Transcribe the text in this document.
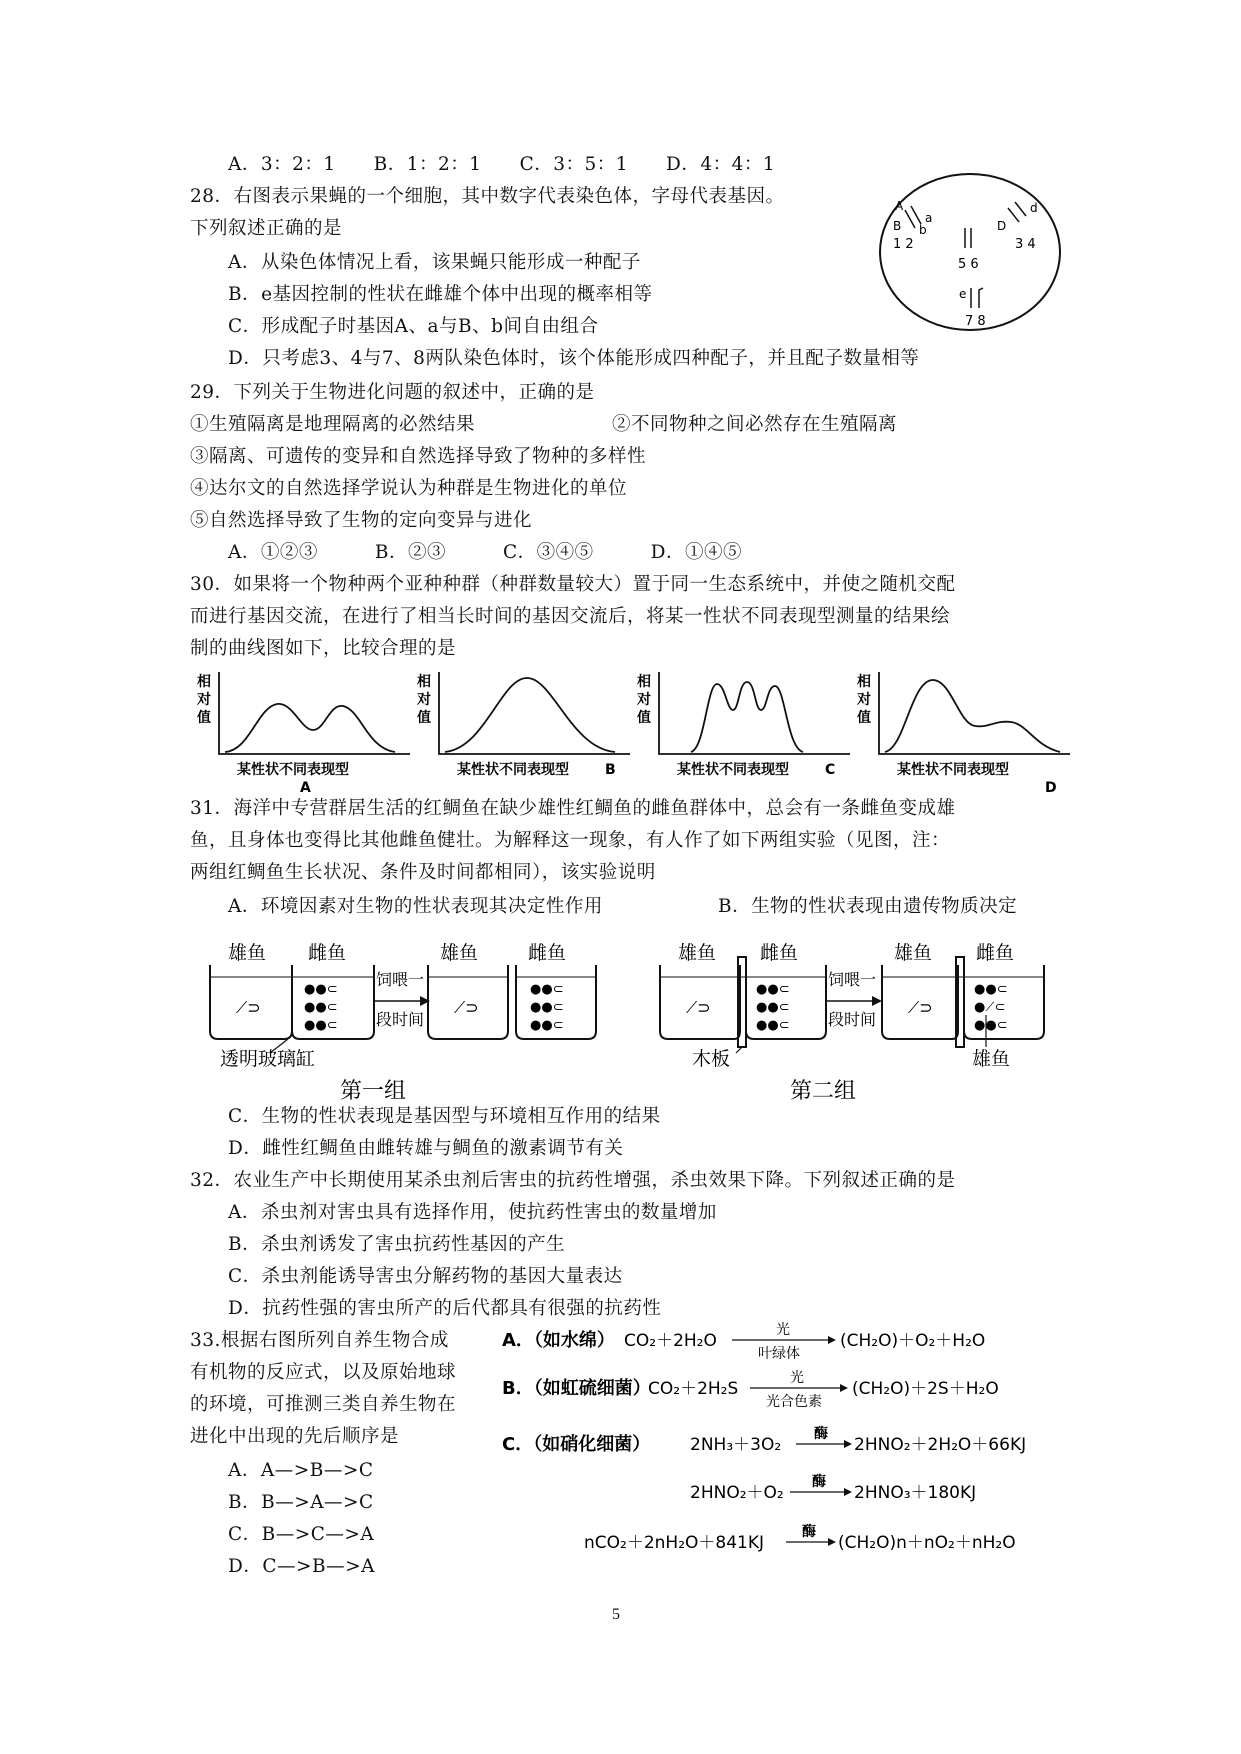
A．3：2：1　　B．1：2：1　　C．3：5：1　　D．4：4：1
28．右图表示果蝇的一个细胞，其中数字代表染色体，字母代表基因。
下列叙述正确的是
A．从染色体情况上看，该果蝇只能形成一种配子
B．e基因控制的性状在雌雄个体中出现的概率相等
C．形成配子时基因A、a与B、b间自由组合
D．只考虑3、4与7、8两队染色体时，该个体能形成四种配子，并且配子数量相等
A
B
a
b
1 2
D
d
3 4
5 6
e
7 8
29．下列关于生物进化问题的叙述中，正确的是
①生殖隔离是地理隔离的必然结果	②不同物种之间必然存在生殖隔离
③隔离、可遗传的变异和自然选择导致了物种的多样性
④达尔文的自然选择学说认为种群是生物进化的单位
⑤自然选择导致了生物的定向变异与进化
A．①②③　　　B．②③　　　C．③④⑤　　　D．①④⑤
30．如果将一个物种两个亚种种群（种群数量较大）置于同一生态系统中，并使之随机交配
而进行基因交流，在进行了相当长时间的基因交流后，将某一性状不同表现型测量的结果绘
制的曲线图如下，比较合理的是
相
对
值
某性状不同表现型
A
相
对
值
某性状不同表现型	B
相
对
值
某性状不同表现型	C
相
对
值
某性状不同表现型
D
31．海洋中专营群居生活的红鲷鱼在缺少雄性红鲷鱼的雌鱼群体中，总会有一条雌鱼变成雄
鱼，且身体也变得比其他雌鱼健壮。为解释这一现象，有人作了如下两组实验（见图，注：
两组红鲷鱼生长状况、条件及时间都相同），该实验说明
A．环境因素对生物的性状表现其决定性作用	B．生物的性状表现由遗传物质决定
雄鱼 雌鱼
⟋⊃
●●⊂
●●⊂
●●⊂
饲喂一
段时间
雄鱼
⟋⊃
雌鱼
●●⊂
●●⊂
●●⊂
透明玻璃缸
第一组
雄鱼 雌鱼
⟋⊃
●●⊂
●●⊂
●●⊂
饲喂一
段时间
雄鱼 雌鱼
⟋⊃
●●⊂
●⟋⊂
●●⊂
木板	雄鱼
第二组
C．生物的性状表现是基因型与环境相互作用的结果
D．雌性红鲷鱼由雌转雄与鲷鱼的激素调节有关
32．农业生产中长期使用某杀虫剂后害虫的抗药性增强，杀虫效果下降。下列叙述正确的是
A．杀虫剂对害虫具有选择作用，使抗药性害虫的数量增加
B．杀虫剂诱发了害虫抗药性基因的产生
C．杀虫剂能诱导害虫分解药物的基因大量表达
D．抗药性强的害虫所产的后代都具有很强的抗药性
33.根据右图所列自养生物合成
有机物的反应式，以及原始地球
的环境，可推测三类自养生物在
进化中出现的先后顺序是
A．A—>B—>C
B．B—>A—>C
C．B—>C—>A
D．C—>B—>A
A．（如水绵） CO₂＋2H₂O
光
叶绿体
(CH₂O)＋O₂＋H₂O
B．（如虹硫细菌）
CO₂＋2H₂S
光
光合色素
(CH₂O)＋2S＋H₂O
C．（如硝化细菌） 2NH₃＋3O₂
酶
2HNO₂＋2H₂O＋66KJ
2HNO₂＋O₂
酶
2HNO₃＋180KJ
nCO₂＋2nH₂O＋841KJ
酶
(CH₂O)n＋nO₂＋nH₂O
5
